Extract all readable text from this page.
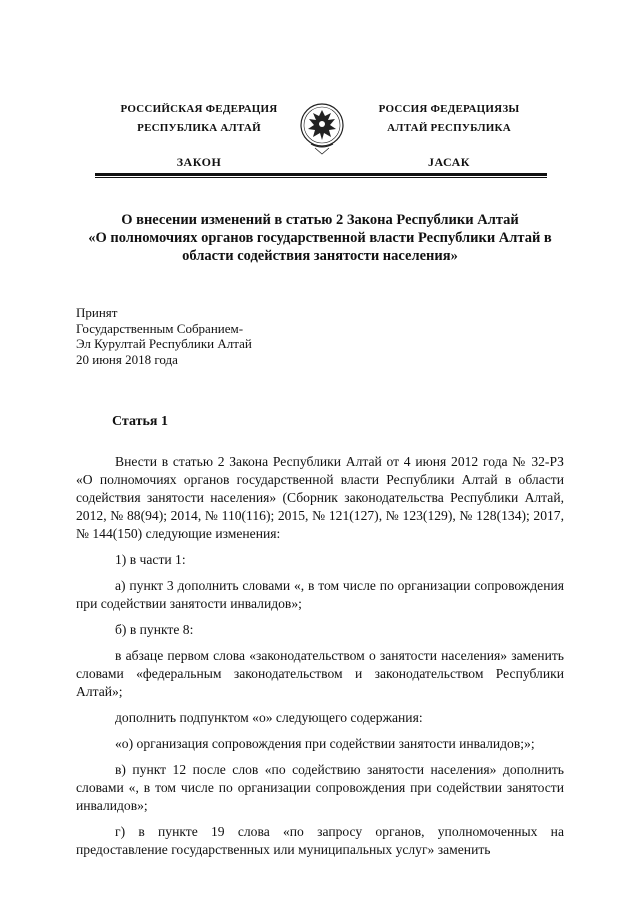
РОССИЙСКАЯ ФЕДЕРАЦИЯ
РЕСПУБЛИКА АЛТАЙ
ЗАКОН
РОССИЯ ФЕДЕРАЦИЯЗЫ
АЛТАЙ РЕСПУБЛИКА
JАСАК
О внесении изменений в статью 2 Закона Республики Алтай
«О полномочиях органов государственной власти Республики Алтай в
области содействия занятости населения»
Принят
Государственным Собранием-
Эл Курултай Республики Алтай
20 июня 2018 года
Статья 1

Внести в статью 2 Закона Республики Алтай от 4 июня 2012 года № 32-РЗ «О полномочиях органов государственной власти Республики Алтай в области содействия занятости населения» (Сборник законодательства Республики Алтай, 2012, № 88(94); 2014, № 110(116); 2015, № 121(127), № 123(129), № 128(134); 2017, № 144(150) следующие изменения:

1) в части 1:

а) пункт 3 дополнить словами «, в том числе по организации сопровождения при содействии занятости инвалидов»;

б) в пункте 8:

в абзаце первом слова «законодательством о занятости населения» заменить словами «федеральным законодательством и законодательством Республики Алтай»;

дополнить подпунктом «о» следующего содержания:

«о) организация сопровождения при содействии занятости инвалидов;»;

в) пункт 12 после слов «по содействию занятости населения» дополнить словами «, в том числе по организации сопровождения при содействии занятости инвалидов»;

г) в пункте 19 слова «по запросу органов, уполномоченных на предоставление государственных или муниципальных услуг» заменить
